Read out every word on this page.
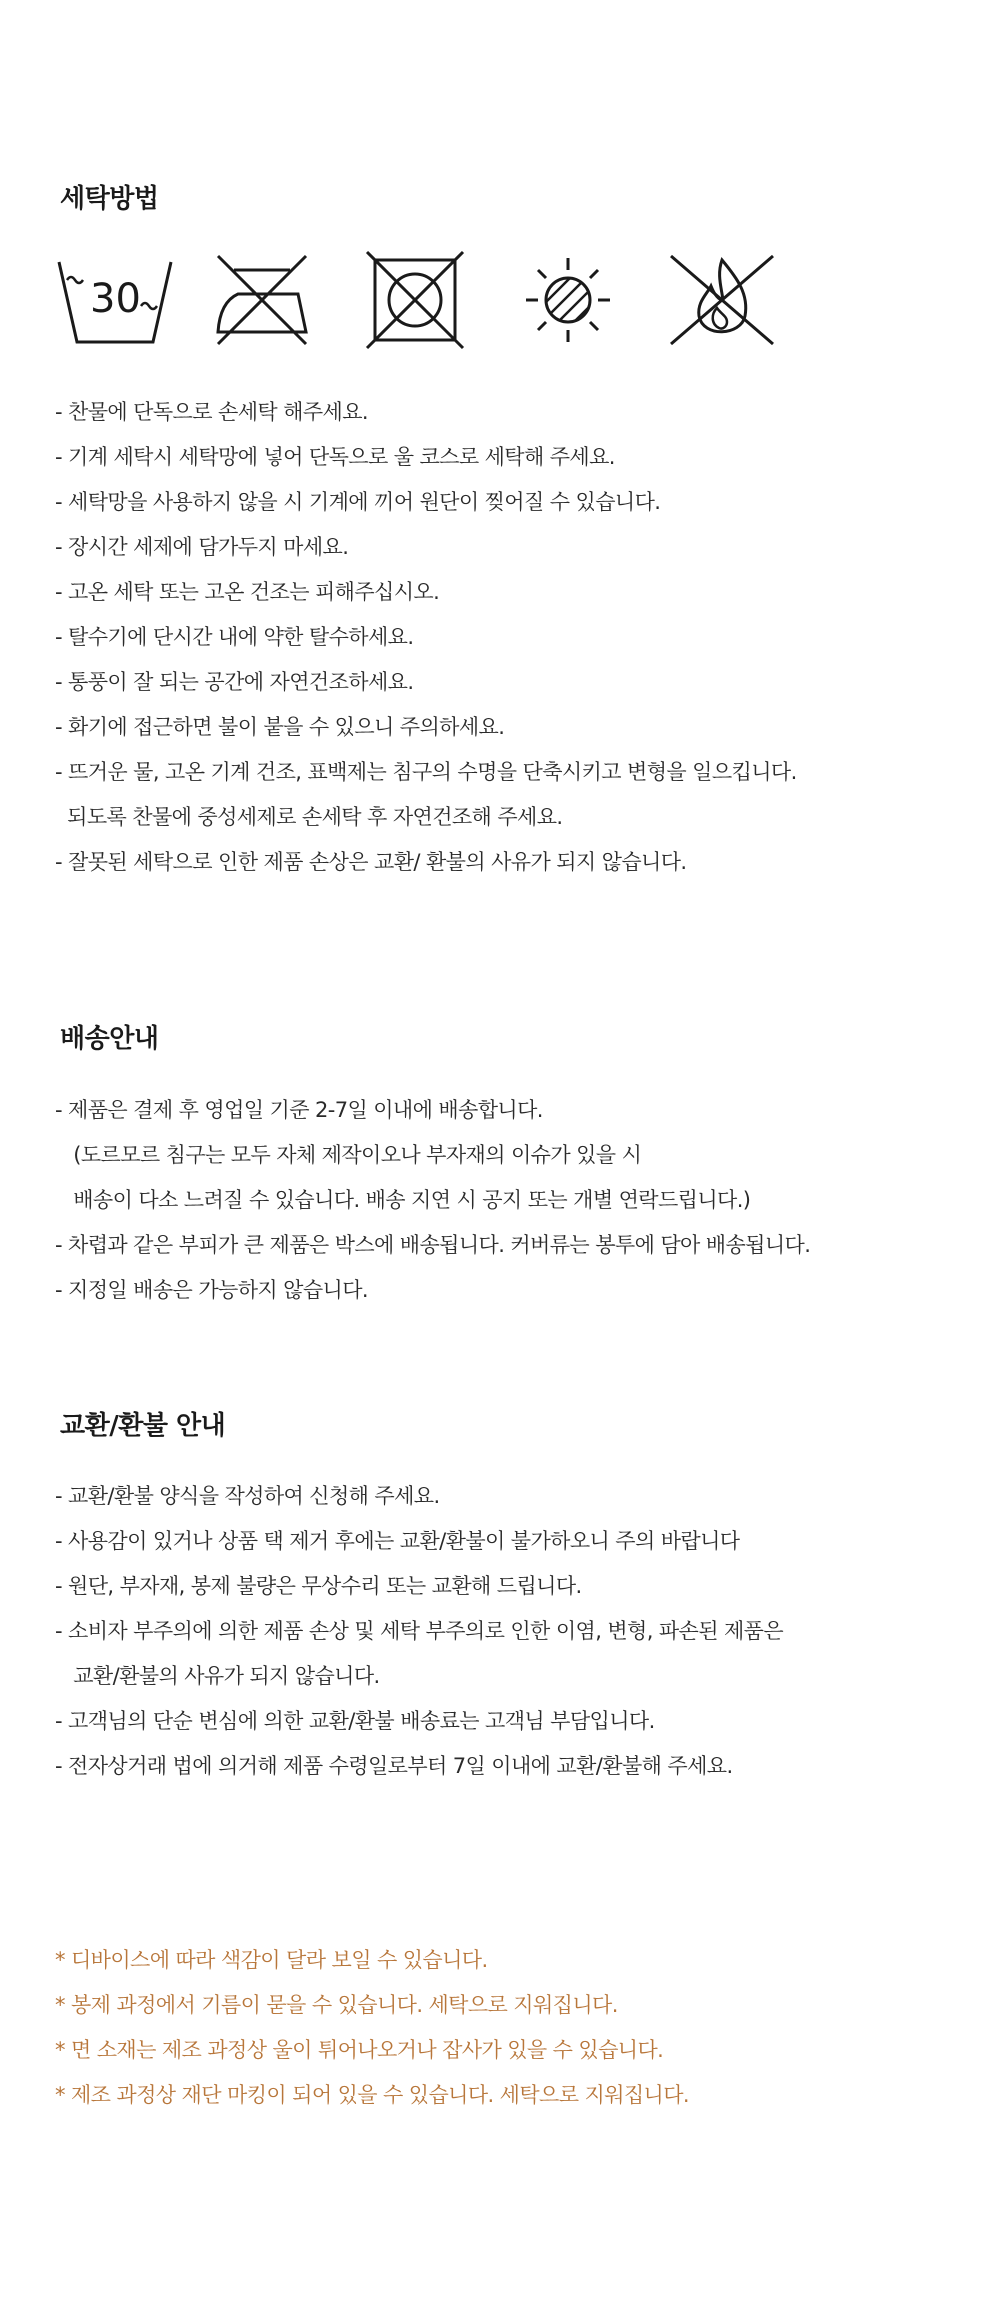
세탁방법
30
- 찬물에 단독으로 손세탁 해주세요.
- 기계 세탁시 세탁망에 넣어 단독으로 울 코스로 세탁해 주세요.
- 세탁망을 사용하지 않을 시 기계에 끼어 원단이 찢어질 수 있습니다.
- 장시간 세제에 담가두지 마세요.
- 고온 세탁 또는 고온 건조는 피해주십시오.
- 탈수기에 단시간 내에 약한 탈수하세요.
- 통풍이 잘 되는 공간에 자연건조하세요.
- 화기에 접근하면 불이 붙을 수 있으니 주의하세요.
- 뜨거운 물, 고온 기계 건조, 표백제는 침구의 수명을 단축시키고 변형을 일으킵니다.
되도록 찬물에 중성세제로 손세탁 후 자연건조해 주세요.
- 잘못된 세탁으로 인한 제품 손상은 교환/ 환불의 사유가 되지 않습니다.
배송안내
- 제품은 결제 후 영업일 기준 2-7일 이내에 배송합니다.
(도르모르 침구는 모두 자체 제작이오나 부자재의 이슈가 있을 시
배송이 다소 느려질 수 있습니다. 배송 지연 시 공지 또는 개별 연락드립니다.)
- 차렵과 같은 부피가 큰 제품은 박스에 배송됩니다. 커버류는 봉투에 담아 배송됩니다.
- 지정일 배송은 가능하지 않습니다.
교환/환불 안내
- 교환/환불 양식을 작성하여 신청해 주세요.
- 사용감이 있거나 상품 택 제거 후에는 교환/환불이 불가하오니 주의 바랍니다
- 원단, 부자재, 봉제 불량은 무상수리 또는 교환해 드립니다.
- 소비자 부주의에 의한 제품 손상 및 세탁 부주의로 인한 이염, 변형, 파손된 제품은
교환/환불의 사유가 되지 않습니다.
- 고객님의 단순 변심에 의한 교환/환불 배송료는 고객님 부담입니다.
- 전자상거래 법에 의거해 제품 수령일로부터 7일 이내에 교환/환불해 주세요.
* 디바이스에 따라 색감이 달라 보일 수 있습니다.
* 봉제 과정에서 기름이 묻을 수 있습니다. 세탁으로 지워집니다.
* 면 소재는 제조 과정상 울이 튀어나오거나 잡사가 있을 수 있습니다.
* 제조 과정상 재단 마킹이 되어 있을 수 있습니다. 세탁으로 지워집니다.
